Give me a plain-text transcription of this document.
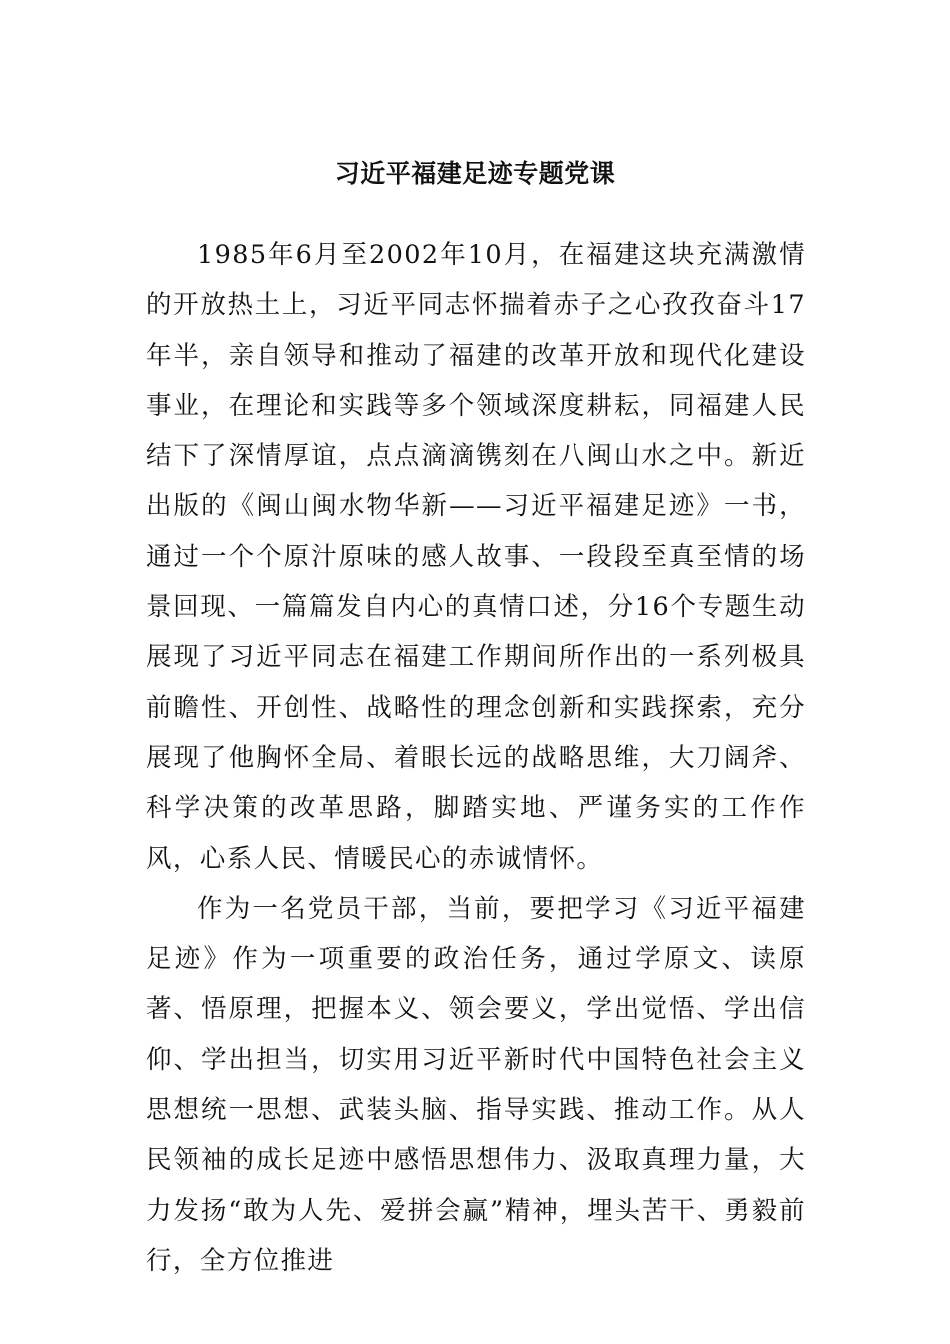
习近平福建足迹专题党课

1985年6月至2002年10月，在福建这块充满激情的开放热土上，习近平同志怀揣着赤子之心孜孜奋斗17年半，亲自领导和推动了福建的改革开放和现代化建设事业，在理论和实践等多个领域深度耕耘，同福建人民结下了深情厚谊，点点滴滴镌刻在八闽山水之中。新近出版的《闽山闽水物华新——习近平福建足迹》一书，通过一个个原汁原味的感人故事、一段段至真至情的场景回现、一篇篇发自内心的真情口述，分16个专题生动展现了习近平同志在福建工作期间所作出的一系列极具前瞻性、开创性、战略性的理念创新和实践探索，充分展现了他胸怀全局、着眼长远的战略思维，大刀阔斧、科学决策的改革思路，脚踏实地、严谨务实的工作作风，心系人民、情暖民心的赤诚情怀。

作为一名党员干部，当前，要把学习《习近平福建足迹》作为一项重要的政治任务，通过学原文、读原著、悟原理，把握本义、领会要义，学出觉悟、学出信仰、学出担当，切实用习近平新时代中国特色社会主义思想统一思想、武装头脑、指导实践、推动工作。从人民领袖的成长足迹中感悟思想伟力、汲取真理力量，大力发扬“敢为人先、爱拼会赢”精神，埋头苦干、勇毅前行，全方位推进
